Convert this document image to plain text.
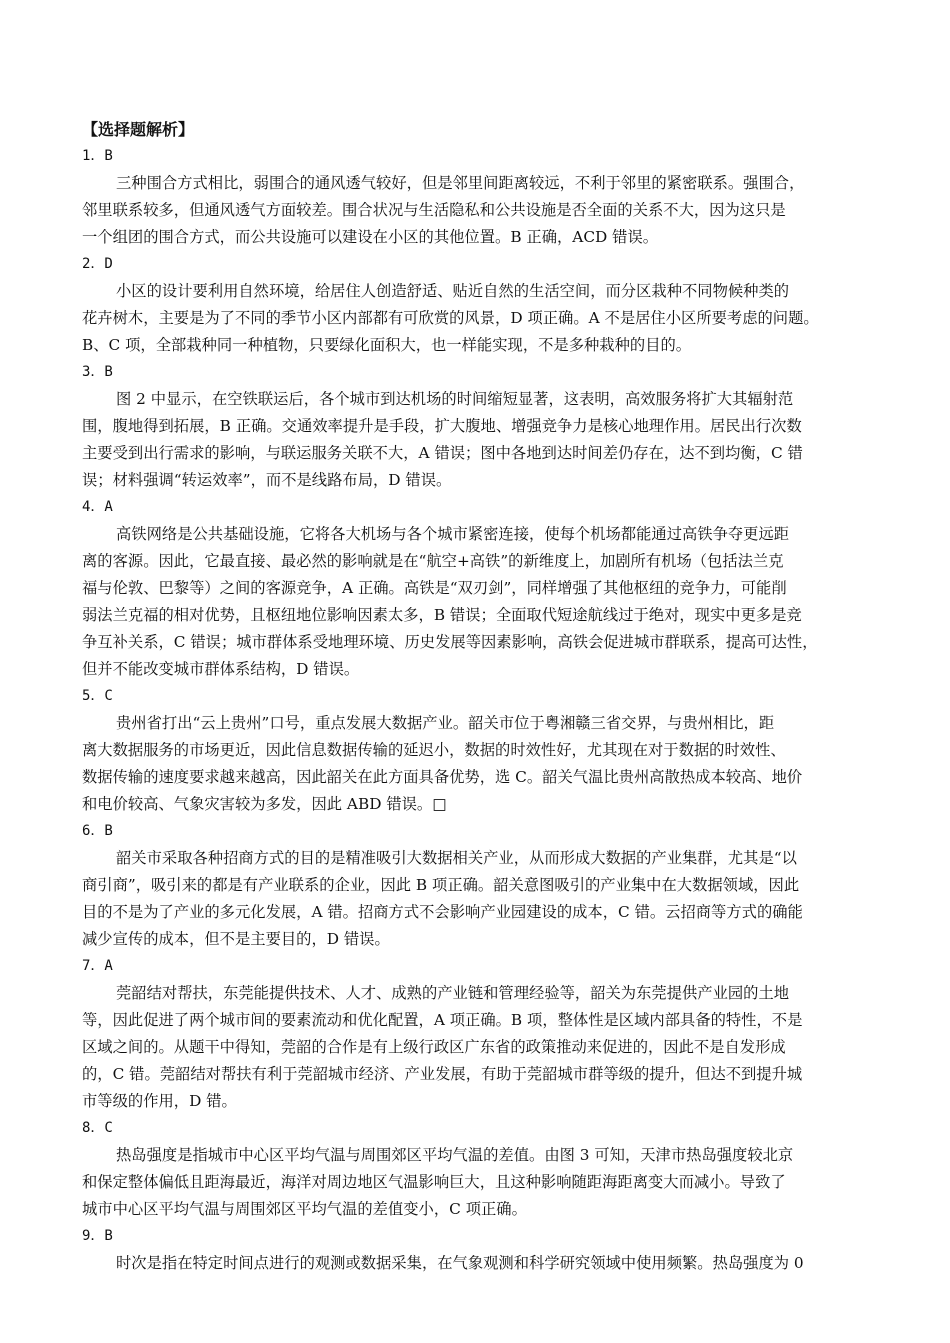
【选择题解析】
1．B
三种围合方式相比，弱围合的通风透气较好，但是邻里间距离较远，不利于邻里的紧密联系。强围合，
邻里联系较多，但通风透气方面较差。围合状况与生活隐私和公共设施是否全面的关系不大，因为这只是
一个组团的围合方式，而公共设施可以建设在小区的其他位置。B 正确，ACD 错误。
2．D
小区的设计要利用自然环境，给居住人创造舒适、贴近自然的生活空间，而分区栽种不同物候种类的
花卉树木，主要是为了不同的季节小区内部都有可欣赏的风景，D 项正确。A 不是居住小区所要考虑的问题。
B、C 项，全部栽种同一种植物，只要绿化面积大，也一样能实现，不是多种栽种的目的。
3．B
图 2 中显示，在空铁联运后，各个城市到达机场的时间缩短显著，这表明，高效服务将扩大其辐射范
围，腹地得到拓展，B 正确。交通效率提升是手段，扩大腹地、增强竞争力是核心地理作用。居民出行次数
主要受到出行需求的影响，与联运服务关联不大，A 错误；图中各地到达时间差仍存在，达不到均衡，C 错
误；材料强调“转运效率”，而不是线路布局，D 错误。
4．A
高铁网络是公共基础设施，它将各大机场与各个城市紧密连接，使每个机场都能通过高铁争夺更远距
离的客源。因此，它最直接、最必然的影响就是在“航空+高铁”的新维度上，加剧所有机场（包括法兰克
福与伦敦、巴黎等）之间的客源竞争，A 正确。高铁是“双刃剑”，同样增强了其他枢纽的竞争力，可能削
弱法兰克福的相对优势，且枢纽地位影响因素太多，B 错误；全面取代短途航线过于绝对，现实中更多是竞
争互补关系，C 错误；城市群体系受地理环境、历史发展等因素影响，高铁会促进城市群联系，提高可达性，
但并不能改变城市群体系结构，D 错误。
5．C
贵州省打出“云上贵州”口号，重点发展大数据产业。韶关市位于粤湘赣三省交界，与贵州相比，距
离大数据服务的市场更近，因此信息数据传输的延迟小，数据的时效性好，尤其现在对于数据的时效性、
数据传输的速度要求越来越高，因此韶关在此方面具备优势，选 C。韶关气温比贵州高散热成本较高、地价
和电价较高、气象灾害较为多发，因此 ABD 错误。□
6．B
韶关市采取各种招商方式的目的是精准吸引大数据相关产业，从而形成大数据的产业集群，尤其是“以
商引商”，吸引来的都是有产业联系的企业，因此 B 项正确。韶关意图吸引的产业集中在大数据领域，因此
目的不是为了产业的多元化发展，A 错。招商方式不会影响产业园建设的成本，C 错。云招商等方式的确能
减少宣传的成本，但不是主要目的，D 错误。
7．A
莞韶结对帮扶，东莞能提供技术、人才、成熟的产业链和管理经验等，韶关为东莞提供产业园的土地
等，因此促进了两个城市间的要素流动和优化配置，A 项正确。B 项，整体性是区域内部具备的特性，不是
区域之间的。从题干中得知，莞韶的合作是有上级行政区广东省的政策推动来促进的，因此不是自发形成
的，C 错。莞韶结对帮扶有利于莞韶城市经济、产业发展，有助于莞韶城市群等级的提升，但达不到提升城
市等级的作用，D 错。
8．C
热岛强度是指城市中心区平均气温与周围郊区平均气温的差值。由图 3 可知，天津市热岛强度较北京
和保定整体偏低且距海最近，海洋对周边地区气温影响巨大，且这种影响随距海距离变大而减小。导致了
城市中心区平均气温与周围郊区平均气温的差值变小，C 项正确。
9．B
时次是指在特定时间点进行的观测或数据采集，在气象观测和科学研究领域中使用频繁。热岛强度为 0
